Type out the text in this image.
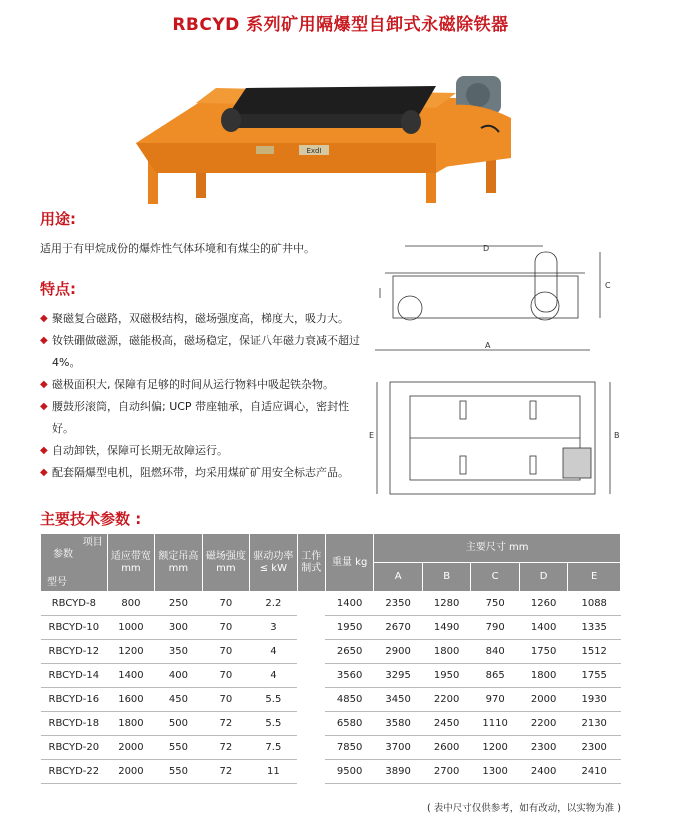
RBCYD 系列矿用隔爆型自卸式永磁除铁器
ExdⅠ
用途:
适用于有甲烷成份的爆炸性气体环境和有煤尘的矿井中。
特点:
◆ 聚磁复合磁路，双磁极结构，磁场强度高，梯度大，吸力大。
◆ 钕铁硼做磁源，磁能极高，磁场稳定，保证八年磁力衰减不超过 4%。
◆ 磁极面积大, 保障有足够的时间从运行物料中吸起铁杂物。
◆ 腰鼓形滚筒，自动纠偏; UCP 带座轴承，自适应调心，密封性好。
◆ 自动卸铁，保障可长期无故障运行。
◆ 配套隔爆型电机，阻燃环带，均采用煤矿矿用安全标志产品。
D
C
A
E	B
主要技术参数 :
项目
参数
型号	适应带宽 mm	额定吊高 mm	磁场强度 mm	驱动功率 ≤ kW	工作制式	重量 kg	主要尺寸 mm				
							A	B	C	D	E
RBCYD-8	800	250	70	2.2		1400	2350	1280	750	1260	1088
RBCYD-10	1000	300	70	3		1950	2670	1490	790	1400	1335
RBCYD-12	1200	350	70	4		2650	2900	1800	840	1750	1512
RBCYD-14	1400	400	70	4		3560	3295	1950	865	1800	1755
RBCYD-16	1600	450	70	5.5		4850	3450	2200	970	2000	1930
RBCYD-18	1800	500	72	5.5		6580	3580	2450	1110	2200	2130
RBCYD-20	2000	550	72	7.5		7850	3700	2600	1200	2300	2300
RBCYD-22	2000	550	72	11		9500	3890	2700	1300	2400	2410
( 表中尺寸仅供参考，如有改动，以实物为准 )
